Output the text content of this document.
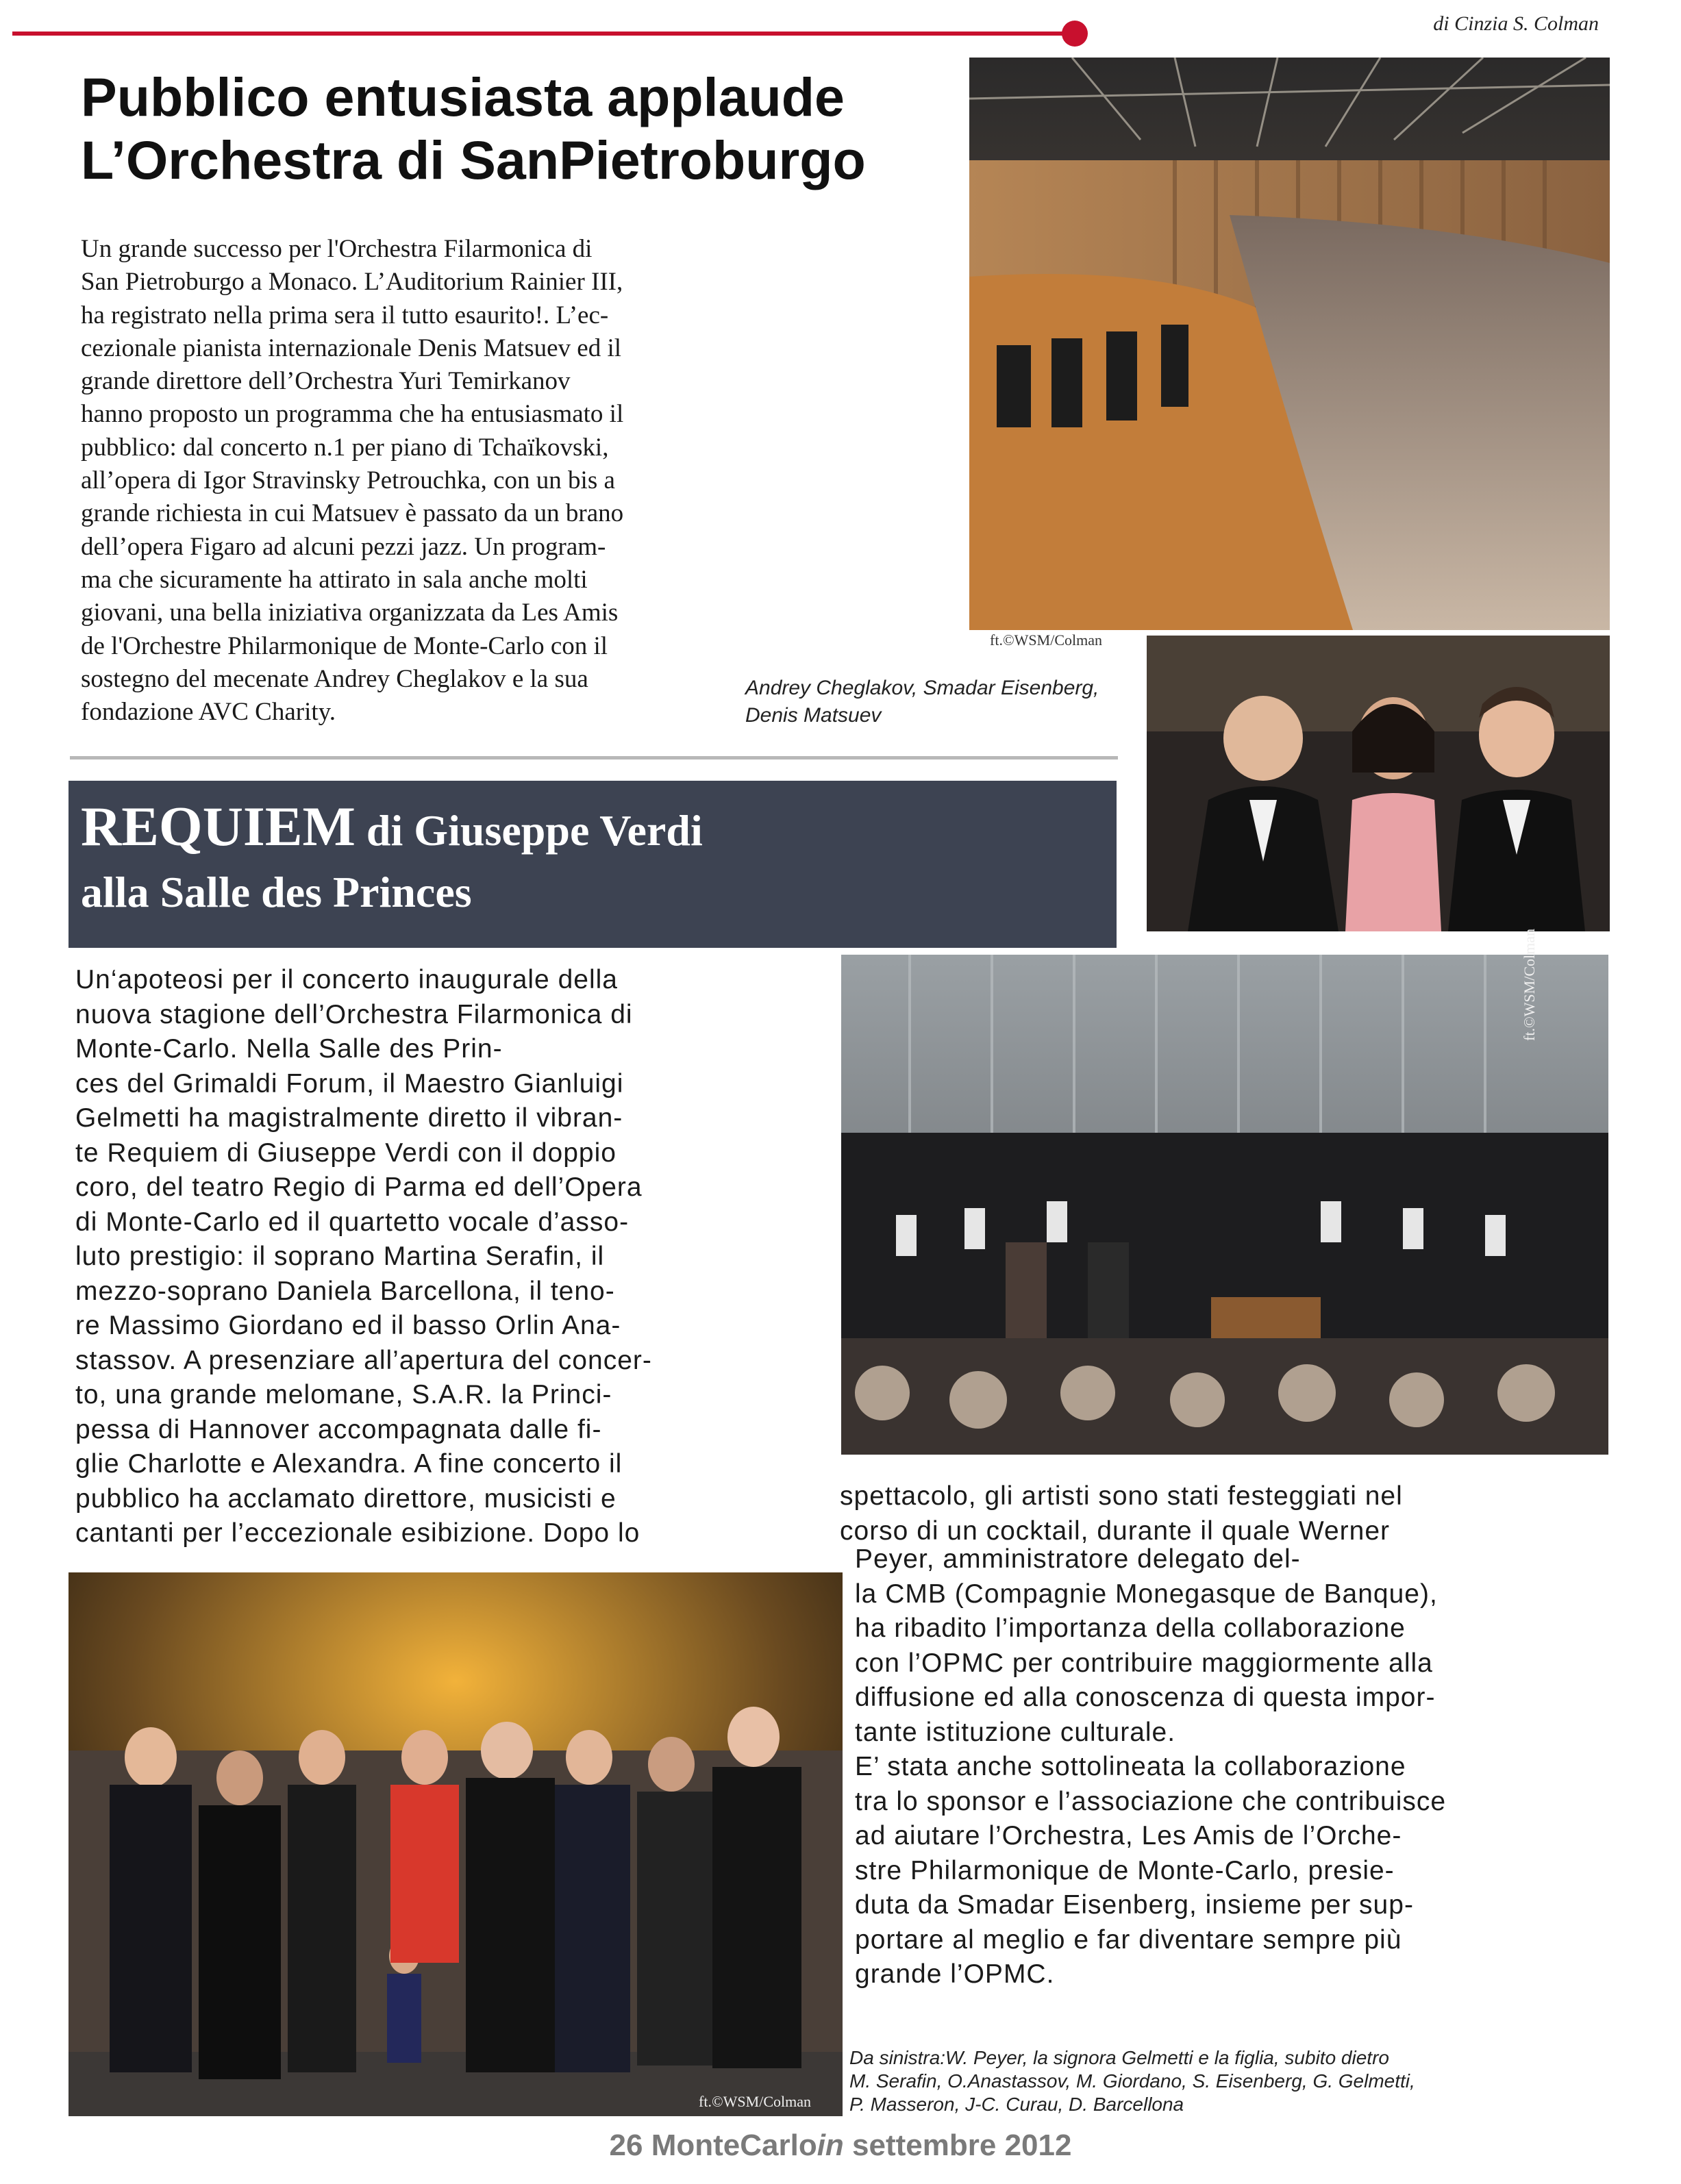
di Cinzia S. Colman
ft.©WSM/Colman
Pubblico entusiasta applaude
L’Orchestra di SanPietroburgo
Un grande successo per l'Orchestra Filarmonica di
San Pietroburgo a Monaco. L’Auditorium Rainier III,
ha registrato nella prima sera il tutto esaurito!. L’ec-
cezionale pianista internazionale Denis Matsuev ed il
grande direttore dell’Orchestra Yuri Temirkanov
hanno proposto un programma che ha entusiasmato il
pubblico: dal concerto n.1 per piano di Tchaïkovski,
all’opera di Igor Stravinsky Petrouchka, con un bis a
grande richiesta in cui Matsuev è passato da un brano
dell’opera Figaro ad alcuni pezzi jazz. Un program-
ma che sicuramente ha attirato in sala anche molti
giovani, una bella iniziativa organizzata da Les Amis
de l'Orchestre Philarmonique de Monte-Carlo con il
sostegno del mecenate Andrey Cheglakov e la sua
fondazione AVC Charity.
Andrey Cheglakov, Smadar Eisenberg,
Denis Matsuev
REQUIEM di Giuseppe Verdi
alla Salle des Princes
ft.©WSM/Colman
Un‘apoteosi per il concerto inaugurale della
nuova stagione dell’Orchestra Filarmonica di
Monte-Carlo. Nella Salle des Prin-
ces del Grimaldi Forum, il Maestro Gianluigi
Gelmetti ha magistralmente diretto il vibran-
te Requiem di Giuseppe Verdi con il doppio
coro, del teatro Regio di Parma ed dell’Opera
di Monte-Carlo ed il quartetto vocale d’asso-
luto prestigio: il soprano Martina Serafin, il
mezzo-soprano Daniela Barcellona, il teno-
re Massimo Giordano ed il basso Orlin Ana-
stassov. A presenziare all’apertura del concer-
to, una grande melomane, S.A.R. la Princi-
pessa di Hannover accompagnata dalle fi-
glie Charlotte e Alexandra. A fine concerto il
pubblico ha acclamato direttore, musicisti e
cantanti per l’eccezionale esibizione. Dopo lo
spettacolo, gli artisti sono stati festeggiati nel
corso di un cocktail, durante il quale Werner
ft.©WSM/Colman
Peyer, amministratore delegato del-
la CMB (Compagnie Monegasque de Banque),
ha ribadito l’importanza della collaborazione
con l’OPMC per contribuire maggiormente alla
diffusione ed alla conoscenza di questa impor-
tante istituzione culturale.
E’ stata anche sottolineata la collaborazione
tra lo sponsor e l’associazione che contribuisce
ad aiutare l’Orchestra, Les Amis de l’Orche-
stre Philarmonique de Monte-Carlo, presie-
duta da Smadar Eisenberg, insieme per sup-
portare al meglio e far diventare sempre più
grande l’OPMC.
Da sinistra:W. Peyer, la signora Gelmetti e la figlia, subito dietro
M. Serafin, O.Anastassov, M. Giordano, S. Eisenberg, G. Gelmetti,
P. Masseron, J-C. Curau, D. Barcellona
26 MonteCarloin settembre 2012
